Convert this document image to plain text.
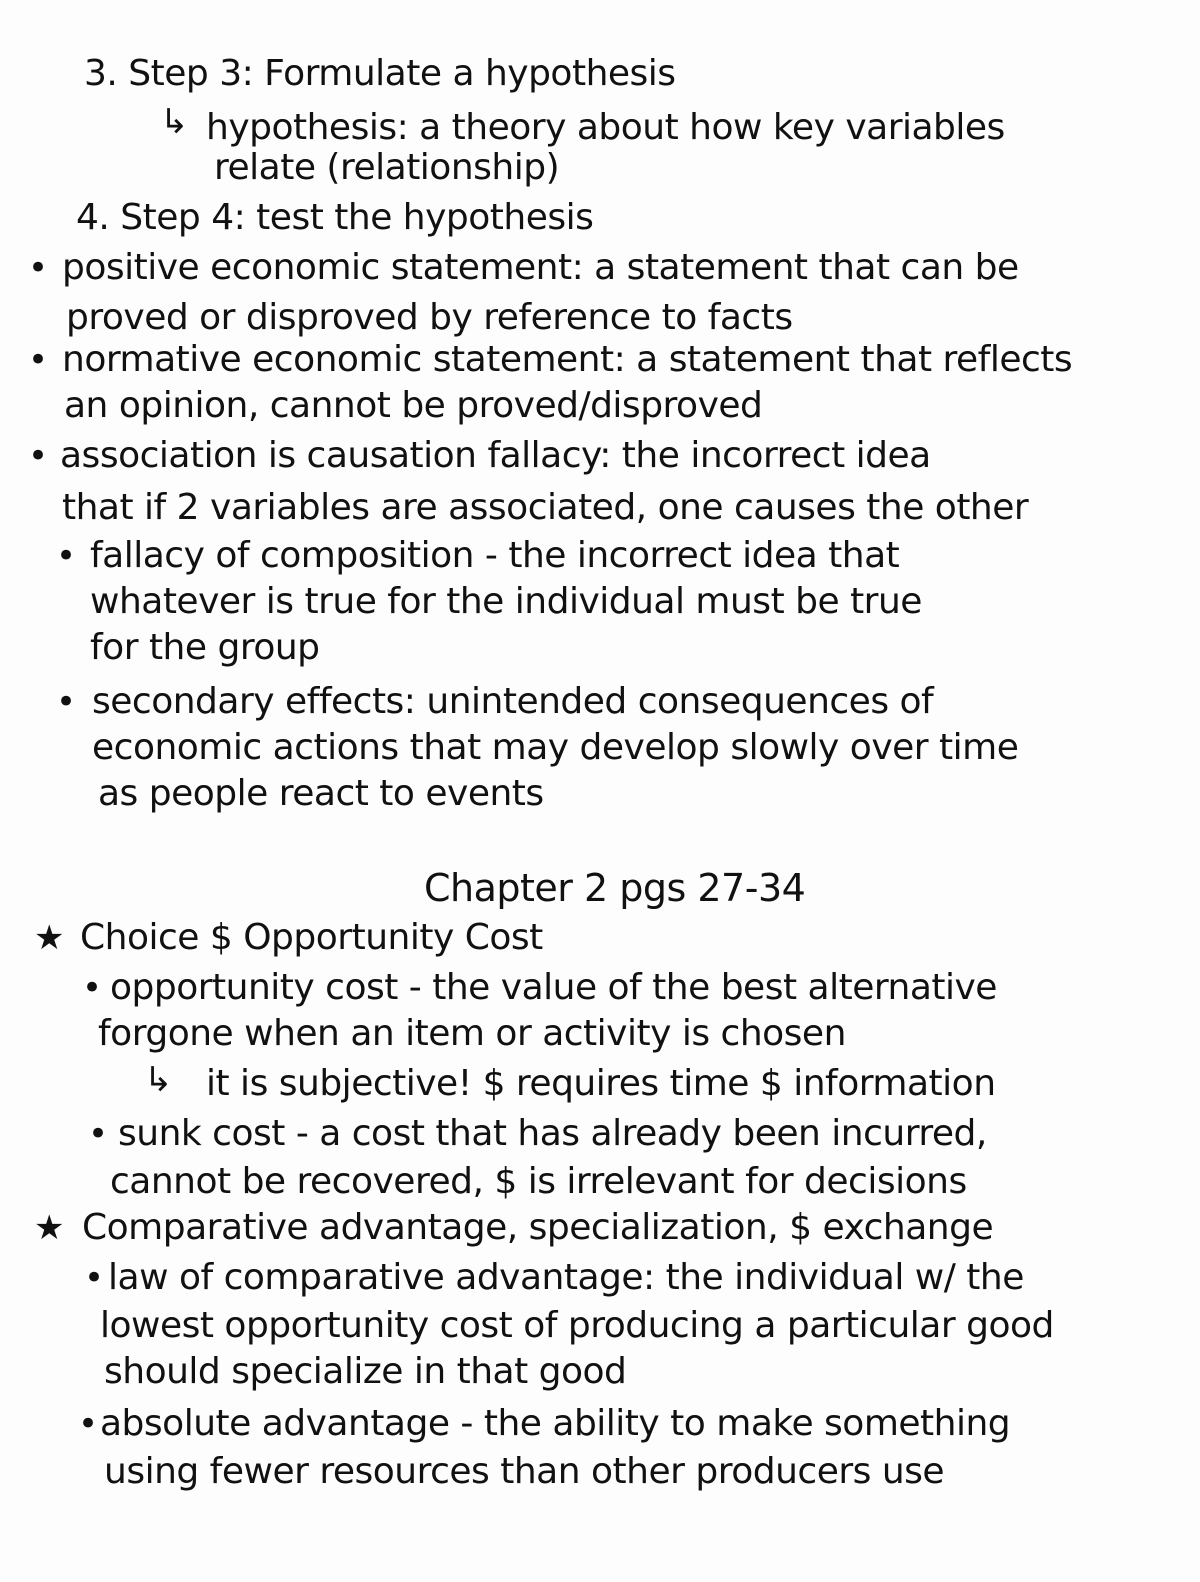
3. Step 3: Formulate a hypothesis
↳ hypothesis: a theory about how key variables
relate (relationship)
4. Step 4: test the hypothesis
• positive economic statement: a statement that can be
proved or disproved by reference to facts
• normative economic statement: a statement that reflects
an opinion, cannot be proved/disproved
• association is causation fallacy: the incorrect idea
that if 2 variables are associated, one causes the other
• fallacy of composition - the incorrect idea that
whatever is true for the individual must be true
for the group
• secondary effects: unintended consequences of
economic actions that may develop slowly over time
as people react to events
Chapter 2 pgs 27-34
★ Choice $ Opportunity Cost
• opportunity cost - the value of the best alternative
forgone when an item or activity is chosen
↳ it is subjective! $ requires time $ information
• sunk cost - a cost that has already been incurred,
cannot be recovered, $ is irrelevant for decisions
★ Comparative advantage, specialization, $ exchange
• law of comparative advantage: the individual w/ the
lowest opportunity cost of producing a particular good
should specialize in that good
• absolute advantage - the ability to make something
using fewer resources than other producers use
